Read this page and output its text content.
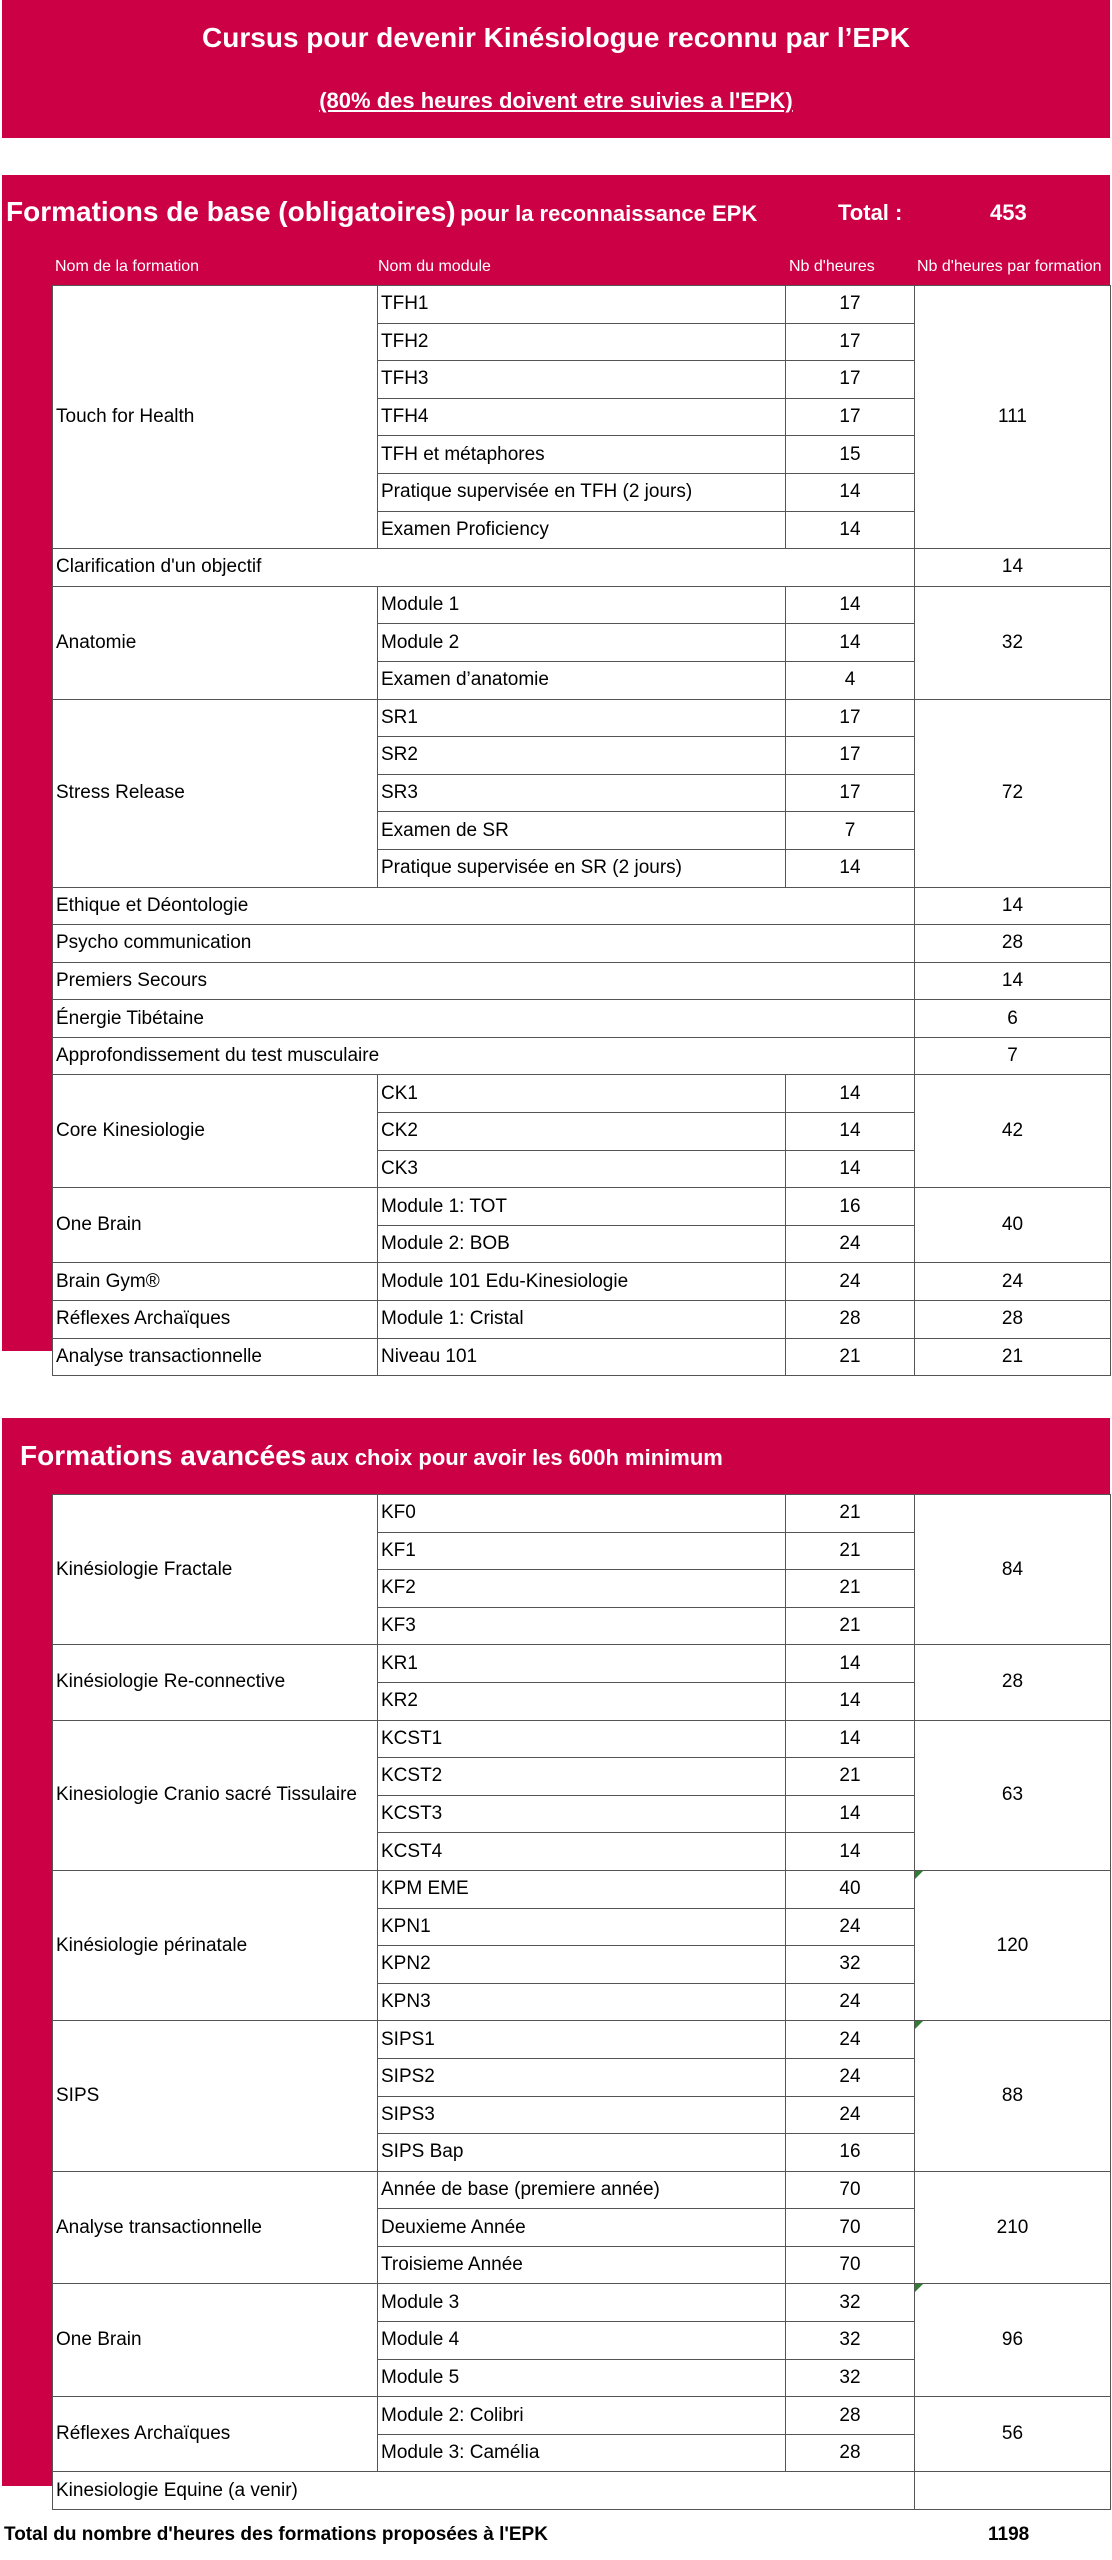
Cursus pour devenir Kinésiologue reconnu par l’EPK
(80% des heures doivent etre suivies a l'EPK)
Formations de base (obligatoires) pour la reconnaissance EPK	Total :	453
Nom de la formation	Nom du module	Nb d'heures	Nb d'heures par formation
Touch for Health	TFH1	17	111
	TFH2	17	
	TFH3	17	
	TFH4	17	
	TFH et métaphores	15	
	Pratique supervisée en TFH (2 jours)	14	
	Examen Proficiency	14	
Clarification d'un objectif			14
Anatomie	Module 1	14	32
	Module 2	14	
	Examen d’anatomie	4	
Stress Release	SR1	17	72
	SR2	17	
	SR3	17	
	Examen de SR	7	
	Pratique supervisée en SR (2 jours)	14	
Ethique et Déontologie			14
Psycho communication			28
Premiers Secours			14
Énergie Tibétaine			6
Approfondissement du test musculaire			7
Core Kinesiologie	CK1	14	42
	CK2	14	
	CK3	14	
One Brain	Module 1: TOT	16	40
	Module 2: BOB	24	
Brain Gym®	Module 101 Edu-Kinesiologie	24	24
Réflexes Archaïques	Module 1: Cristal	28	28
Analyse transactionnelle	Niveau 101	21	21
Formations avancées aux choix pour avoir les 600h minimum
Kinésiologie Fractale	KF0	21	84
	KF1	21	
	KF2	21	
	KF3	21	
Kinésiologie Re-connective	KR1	14	28
	KR2	14	
Kinesiologie Cranio sacré Tissulaire	KCST1	14	63
	KCST2	21	
	KCST3	14	
	KCST4	14	
Kinésiologie périnatale	KPM EME	40	120
	KPN1	24	
	KPN2	32	
	KPN3	24	
SIPS	SIPS1	24	88
	SIPS2	24	
	SIPS3	24	
	SIPS Bap	16	
Analyse transactionnelle	Année de base (premiere année)	70	210
	Deuxieme Année	70	
	Troisieme Année	70	
One Brain	Module 3	32	96
	Module 4	32	
	Module 5	32	
Réflexes Archaïques	Module 2: Colibri	28	56
	Module 3: Camélia	28	
Kinesiologie Equine (a venir)			
Total du nombre d'heures des formations proposées à l'EPK	1198
